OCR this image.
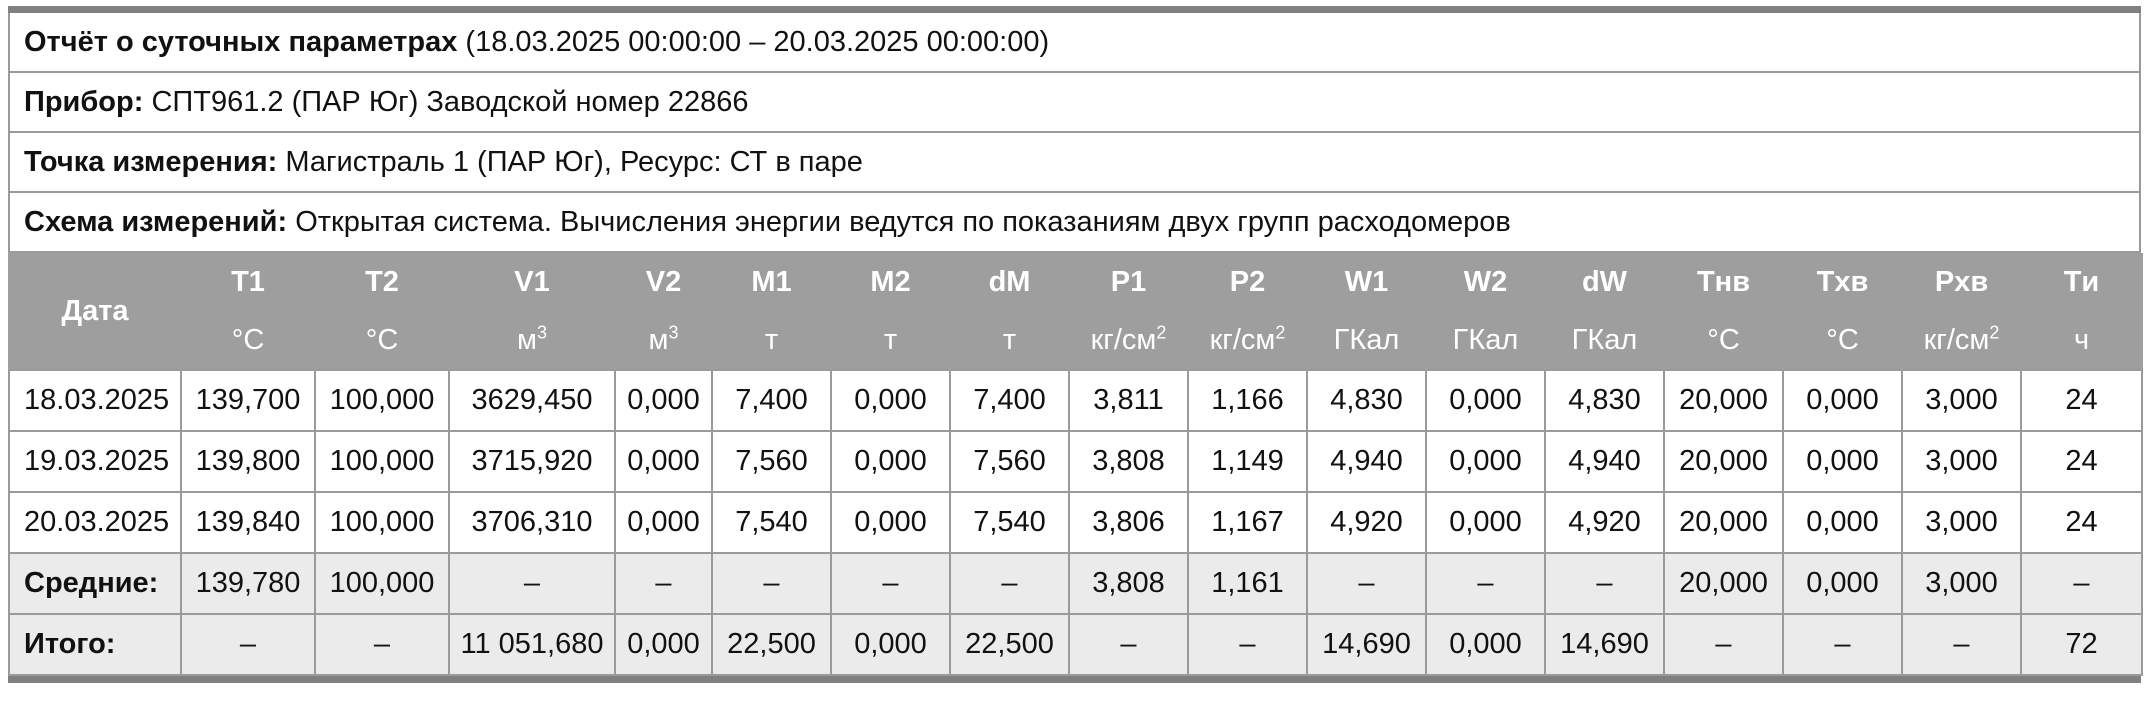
Отчёт о суточных параметрах
(18.03.2025 00:00:00 – 20.03.2025 00:00:00)
Прибор:
СПТ961.2 (ПАР Юг) Заводской номер 22866
Точка измерения:
Магистраль 1 (ПАР Юг), Ресурс: СТ в паре
Схема измерений:
Открытая система. Вычисления энергии ведутся по показаниям двух групп расходомеров
Дата	T1	T2	V1	V2	M1	M2	dM	P1	P2	W1	W2	dW	Tнв	Tхв	Pхв	Tи
	°C	°C	$м^3$	$м^3$	т	т	т	$кг/см^2$	$кг/см^2$	ГКал	ГКал	ГКал	°C	°C	$кг/см^2$	ч
18.03.2025	139,700	100,000	3629,450	0,000	7,400	0,000	7,400	3,811	1,166	4,830	0,000	4,830	20,000	0,000	3,000	24
19.03.2025	139,800	100,000	3715,920	0,000	7,560	0,000	7,560	3,808	1,149	4,940	0,000	4,940	20,000	0,000	3,000	24
20.03.2025	139,840	100,000	3706,310	0,000	7,540	0,000	7,540	3,806	1,167	4,920	0,000	4,920	20,000	0,000	3,000	24
Средние:	139,780	100,000	–	–	–	–	–	3,808	1,161	–	–	–	20,000	0,000	3,000	–
Итого:	–	–	11 051,680	0,000	22,500	0,000	22,500	–	–	14,690	0,000	14,690	–	–	–	72
